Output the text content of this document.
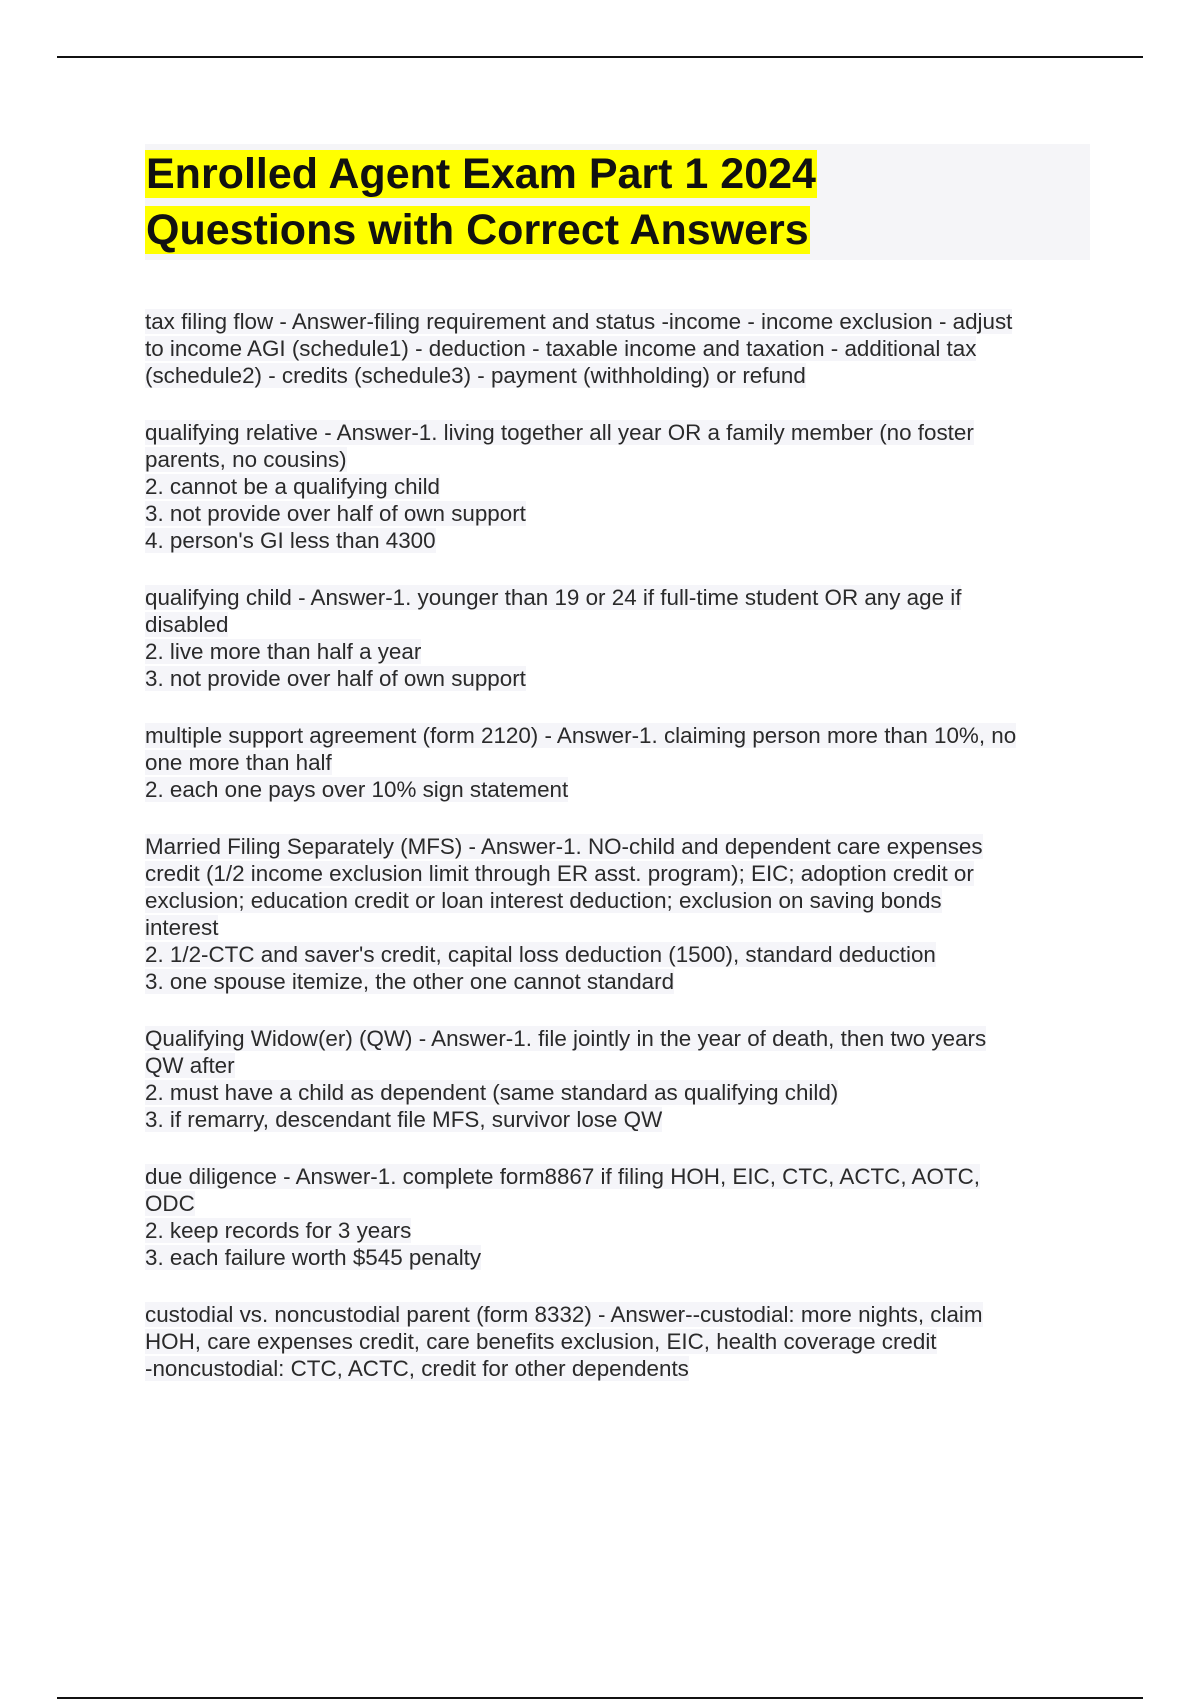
Enrolled Agent Exam Part 1 2024
Questions with Correct Answers
tax filing flow - Answer-filing requirement and status -income - income exclusion - adjust
to income AGI (schedule1) - deduction - taxable income and taxation - additional tax
(schedule2) - credits (schedule3) - payment (withholding) or refund
qualifying relative - Answer-1. living together all year OR a family member (no foster
parents, no cousins)
2. cannot be a qualifying child
3. not provide over half of own support
4. person's GI less than 4300
qualifying child - Answer-1. younger than 19 or 24 if full-time student OR any age if
disabled
2. live more than half a year
3. not provide over half of own support
multiple support agreement (form 2120) - Answer-1. claiming person more than 10%, no
one more than half
2. each one pays over 10% sign statement
Married Filing Separately (MFS) - Answer-1. NO-child and dependent care expenses
credit (1/2 income exclusion limit through ER asst. program); EIC; adoption credit or
exclusion; education credit or loan interest deduction; exclusion on saving bonds
interest
2. 1/2-CTC and saver's credit, capital loss deduction (1500), standard deduction
3. one spouse itemize, the other one cannot standard
Qualifying Widow(er) (QW) - Answer-1. file jointly in the year of death, then two years
QW after
2. must have a child as dependent (same standard as qualifying child)
3. if remarry, descendant file MFS, survivor lose QW
due diligence - Answer-1. complete form8867 if filing HOH, EIC, CTC, ACTC, AOTC,
ODC
2. keep records for 3 years
3. each failure worth $545 penalty
custodial vs. noncustodial parent (form 8332) - Answer--custodial: more nights, claim
HOH, care expenses credit, care benefits exclusion, EIC, health coverage credit
-noncustodial: CTC, ACTC, credit for other dependents
